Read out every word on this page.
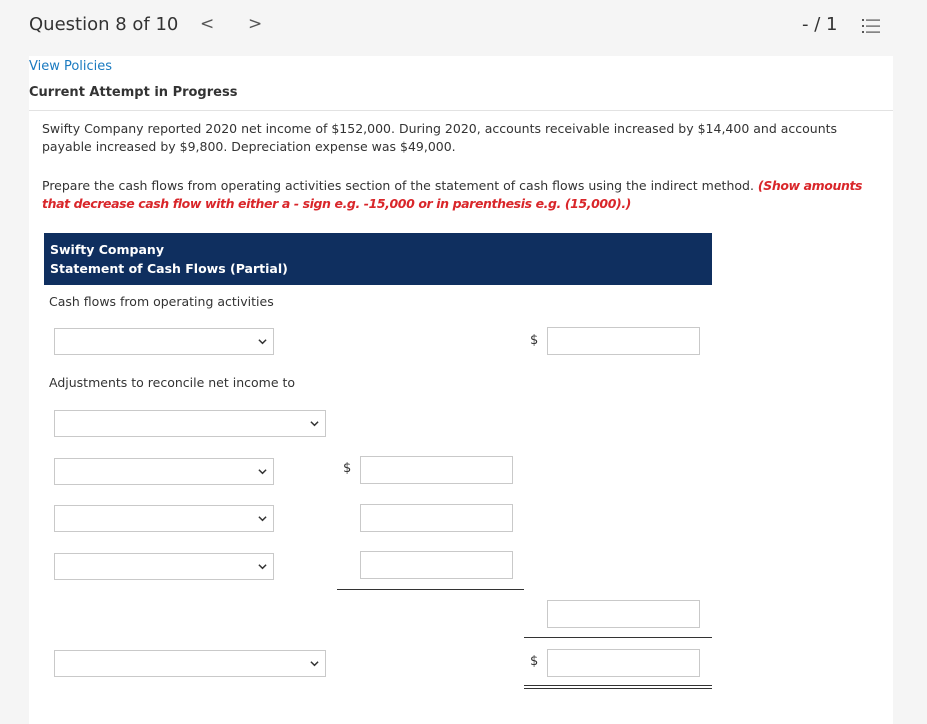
Question 8 of 10 < >	- / 1
View Policies
Current Attempt in Progress
Swifty Company reported 2020 net income of $152,000. During 2020, accounts receivable increased by $14,400 and accounts payable increased by $9,800. Depreciation expense was $49,000.
Prepare the cash flows from operating activities section of the statement of cash flows using the indirect method. (Show amounts that decrease cash flow with either a - sign e.g. -15,000 or in parenthesis e.g. (15,000).)
Swifty Company
Statement of Cash Flows (Partial)
Cash flows from operating activities
$
Adjustments to reconcile net income to
$
$
